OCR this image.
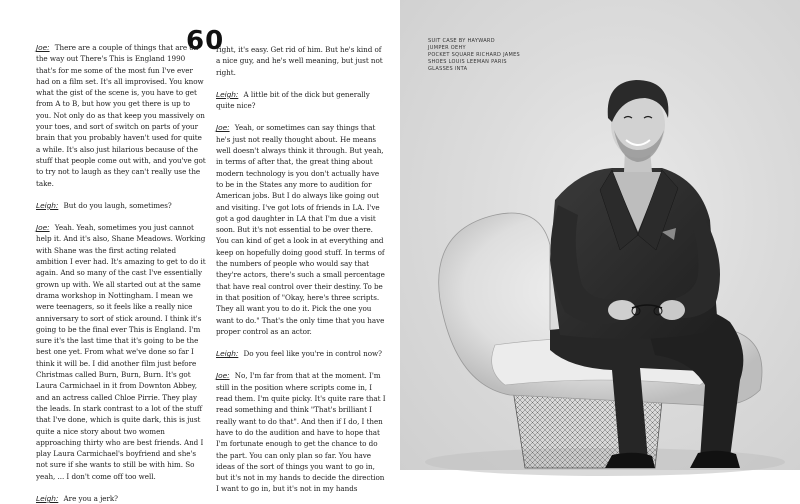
60

Joe: There are a couple of things that are on the way out There's This is England 1990 that's for me some of the most fun I've ever had on a film set. It's all improvised. You know what the gist of the scene is, you have to get from A to B, but how you get there is up to you. Not only do as that keep you massively on your toes, and sort of switch on parts of your brain that you probably haven't used for quite a while. It's also just hilarious because of the stuff that people come out with, and you've got to try not to laugh as they can't really use the take.

Leigh: But do you laugh, sometimes?

Joe: Yeah. Yeah, sometimes you just cannot help it. And it's also, Shane Meadows. Working with Shane was the first acting related ambition I ever had. It's amazing to get to do it again. And so many of the cast I've essentially grown up with. We all started out at the same drama workshop in Nottingham. I mean we were teenagers, so it feels like a really nice anniversary to sort of stick around. I think it's going to be the final ever This is England. I'm sure it's the last time that it's going to be the best one yet. From what we've done so far I think it will be. I did another film just before Christmas called Burn, Burn, Burn. It's got Laura Carmichael in it from Downton Abbey, and an actress called Chloe Pirrie. They play the leads. In stark contrast to a lot of the stuff that I've done, which is quite dark, this is just quite a nice story about two women approaching thirty who are best friends. And I play Laura Carmichael's boyfriend and she's not sure if she wants to still be with him. So yeah, ... I don't come off too well.

Leigh: Are you a jerk?

right, it's easy. Get rid of him. But he's kind of a nice guy, and he's well meaning, but just not right.

Leigh: A little bit of the dick but generally quite nice?

Joe: Yeah, or sometimes can say things that he's just not really thought about. He means well doesn't always think it through. But yeah, in terms of after that, the great thing about modern technology is you don't actually have to be in the States any more to audition for American jobs. But I do always like going out and visiting. I've got lots of friends in LA. I've got a god daughter in LA that I'm due a visit soon. But it's not essential to be over there. You can kind of get a look in at everything and keep on hopefully doing good stuff. In terms of the numbers of people who would say that they're actors, there's such a small percentage that have real control over their destiny. To be in that position of "Okay, here's three scripts. They all want you to do it. Pick the one you want to do." That's the only time that you have proper control as an actor.

Leigh: Do you feel like you're in control now?

Joe: No, I'm far from that at the moment. I'm still in the position where scripts come in, I read them. I'm quite picky. It's quite rare that I read something and think "That's brilliant I really want to do that". And then if I do, I then have to do the audition and have to hope that I'm fortunate enough to get the chance to do the part. You can only plan so far. You have ideas of the sort of things you want to go in, but it's not in my hands to decide the direction I want to go in, but it's not in my hands

SUIT CASE BY HAYWARD
JUMPER OEHY
POCKET SQUARE RICHARD JAMES
SHOES LOUIS LEEMAN PARIS
GLASSES INTA
